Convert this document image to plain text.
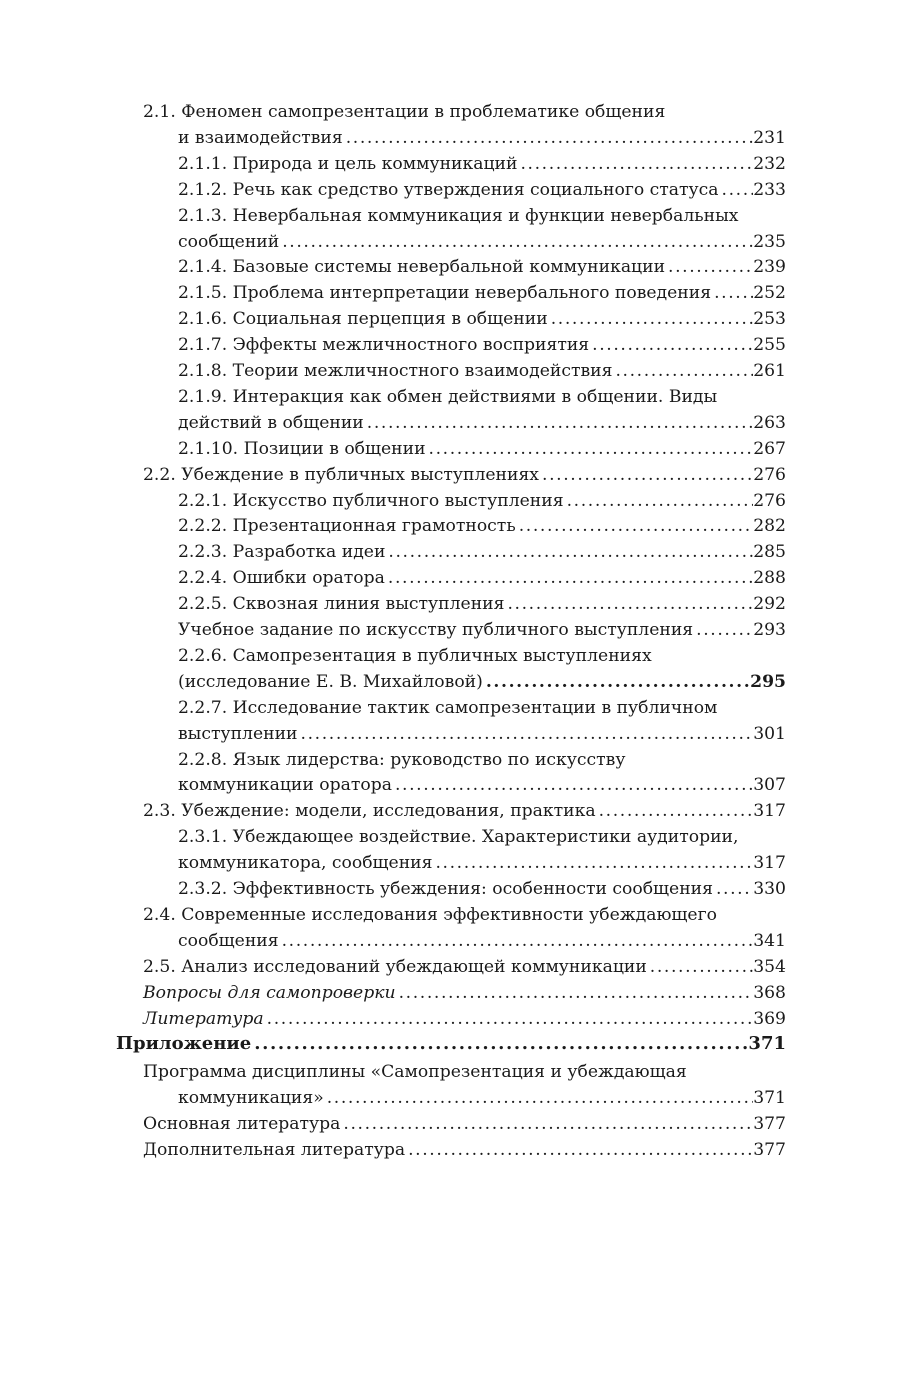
2.1. Феномен самопрезентации в проблематике общения
и взаимодействия .....	231
2.1.1. Природа и цель коммуникаций .....	232
2.1.2. Речь как средство утверждения социального статуса ..... 233
2.1.3. Невербальная коммуникация и функции невербальных
сообщений .....	235
2.1.4. Базовые системы невербальной коммуникации .....	239
2.1.5. Проблема интерпретации невербального поведения ..... 252
2.1.6. Социальная перцепция в общении .....	253
2.1.7. Эффекты межличностного восприятия .....	255
2.1.8. Теории межличностного взаимодействия .....	261
2.1.9. Интеракция как обмен действиями в общении. Виды
действий в общении .....	263
2.1.10. Позиции в общении .....	267
2.2. Убеждение в публичных выступлениях .....	276
2.2.1. Искусство публичного выступления .....	276
2.2.2. Презентационная грамотность .....	282
2.2.3. Разработка идеи .....	285
2.2.4. Ошибки оратора .....	288
2.2.5. Сквозная линия выступления .....	292
Учебное задание по искусству публичного выступления .....	293
2.2.6. Самопрезентация в публичных выступлениях
(исследование Е. В. Михайловой) .....	295
2.2.7. Исследование тактик самопрезентации в публичном
выступлении .....	301
2.2.8. Язык лидерства: руководство по искусству
коммуникации оратора .....	307
2.3. Убеждение: модели, исследования, практика .....	317
2.3.1. Убеждающее воздействие. Характеристики аудитории,
коммуникатора, сообщения .....	317
2.3.2. Эффективность убеждения: особенности сообщения ..... 330
2.4. Современные исследования эффективности убеждающего
сообщения .....	341
2.5. Анализ исследований убеждающей коммуникации .....	354
Вопросы для самопроверки .....	368
Литература .....	369
Приложение .....	371
Программа дисциплины «Самопрезентация и убеждающая
коммуникация» .....	371
Основная литература .....	377
Дополнительная литература .....	377
